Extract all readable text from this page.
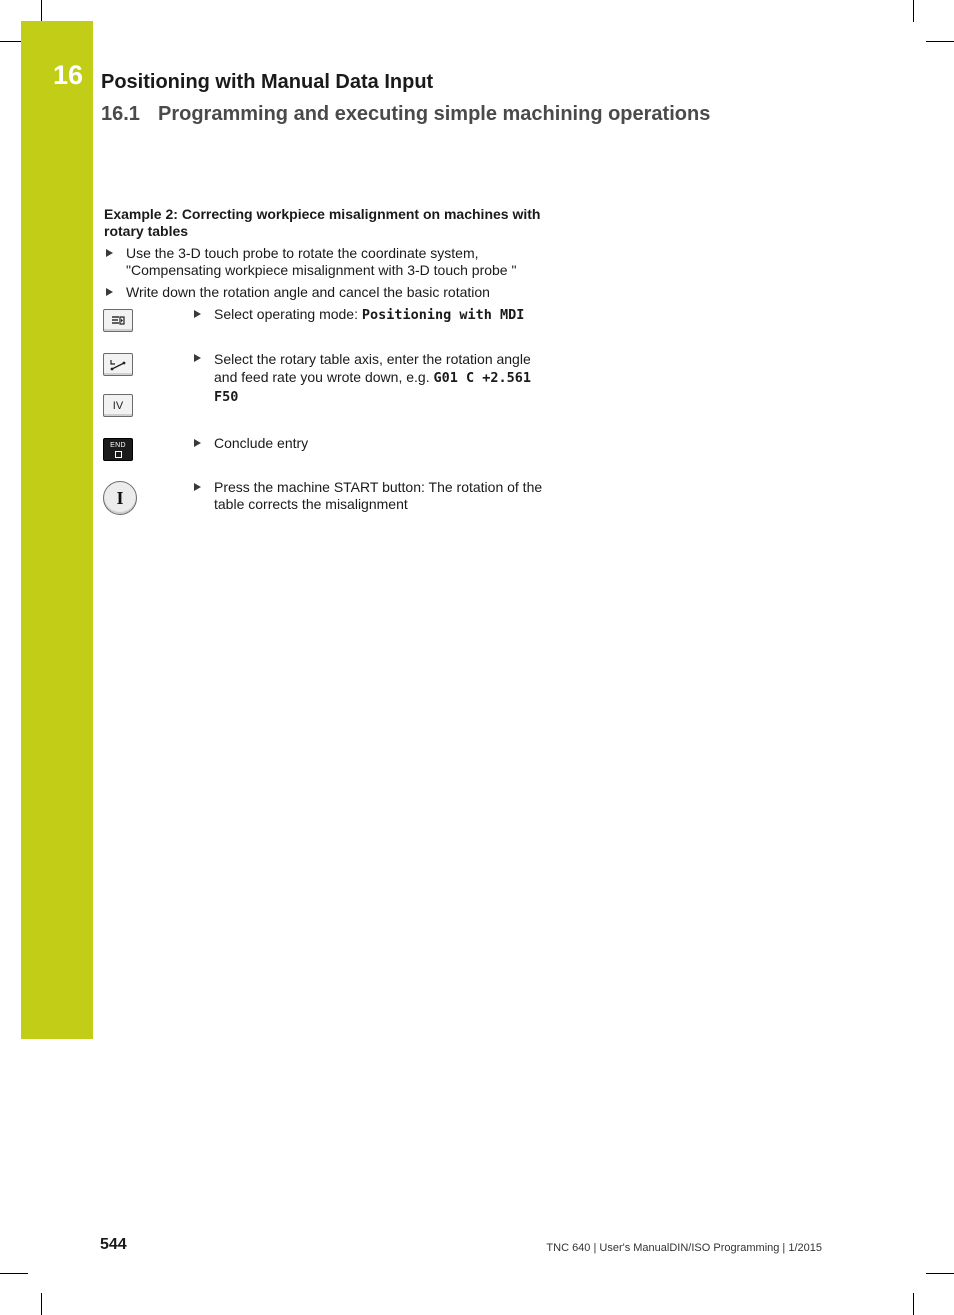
16 Positioning with Manual Data Input
16.1 Programming and executing simple machining operations
Example 2: Correcting workpiece misalignment on machines with rotary tables
Use the 3-D touch probe to rotate the coordinate system, "Compensating workpiece misalignment with 3-D touch probe "
Write down the rotation angle and cancel the basic rotation
Select operating mode: Positioning with MDI
IV
Select the rotary table axis, enter the rotation angle and feed rate you wrote down, e.g. G01 C +2.561 F50
END	Conclude entry
I
Press the machine START button: The rotation of the table corrects the misalignment
544	TNC 640 | User's ManualDIN/ISO Programming | 1/2015
